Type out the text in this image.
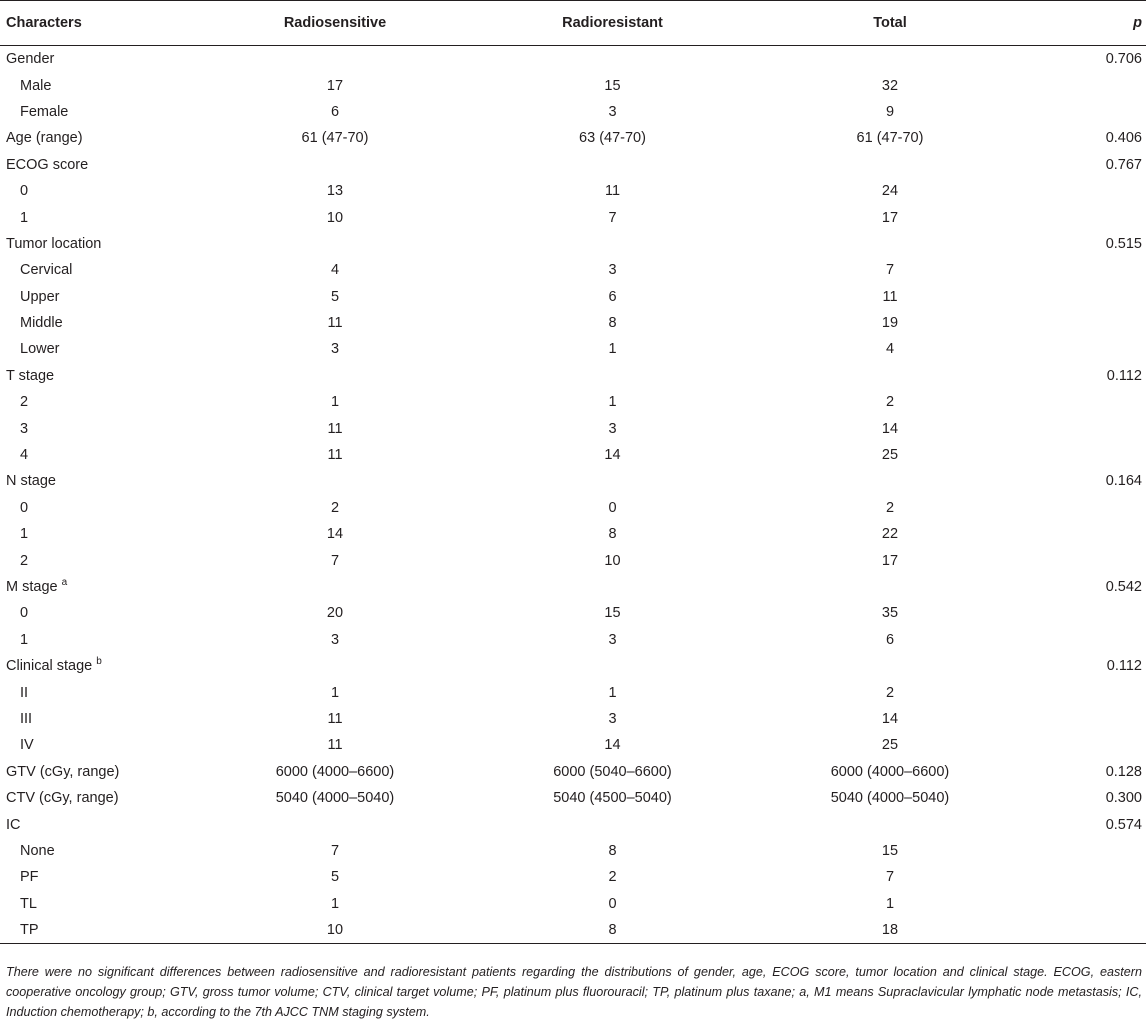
Characters	Radiosensitive	Radioresistant	Total	p
Gender				0.706
Male	17	15	32	
Female	6	3	9	
Age (range)	61 (47-70)	63 (47-70)	61 (47-70)	0.406
ECOG score				0.767
0	13	11	24	
1	10	7	17	
Tumor location				0.515
Cervical	4	3	7	
Upper	5	6	11	
Middle	11	8	19	
Lower	3	1	4	
T stage				0.112
2	1	1	2	
3	11	3	14	
4	11	14	25	
N stage				0.164
0	2	0	2	
1	14	8	22	
2	7	10	17	
M stage $^a$				0.542
0	20	15	35	
1	3	3	6	
Clinical stage $^b$				0.112
II	1	1	2	
III	11	3	14	
IV	11	14	25	
GTV (cGy, range)	6000 (4000–6600)	6000 (5040–6600)	6000 (4000–6600)	0.128
CTV (cGy, range)	5040 (4000–5040)	5040 (4500–5040)	5040 (4000–5040)	0.300
IC				0.574
None	7	8	15	
PF	5	2	7	
TL	1	0	1	
TP	10	8	18	
There were no significant differences between radiosensitive and radioresistant patients regarding the distributions of gender, age, ECOG score, tumor location and clinical stage. ECOG, eastern cooperative oncology group; GTV, gross tumor volume; CTV, clinical target volume; PF, platinum plus fluorouracil; TP, platinum plus taxane; a, M1 means Supraclavicular lymphatic node metastasis; IC, Induction chemotherapy; b, according to the 7th AJCC TNM staging system.
